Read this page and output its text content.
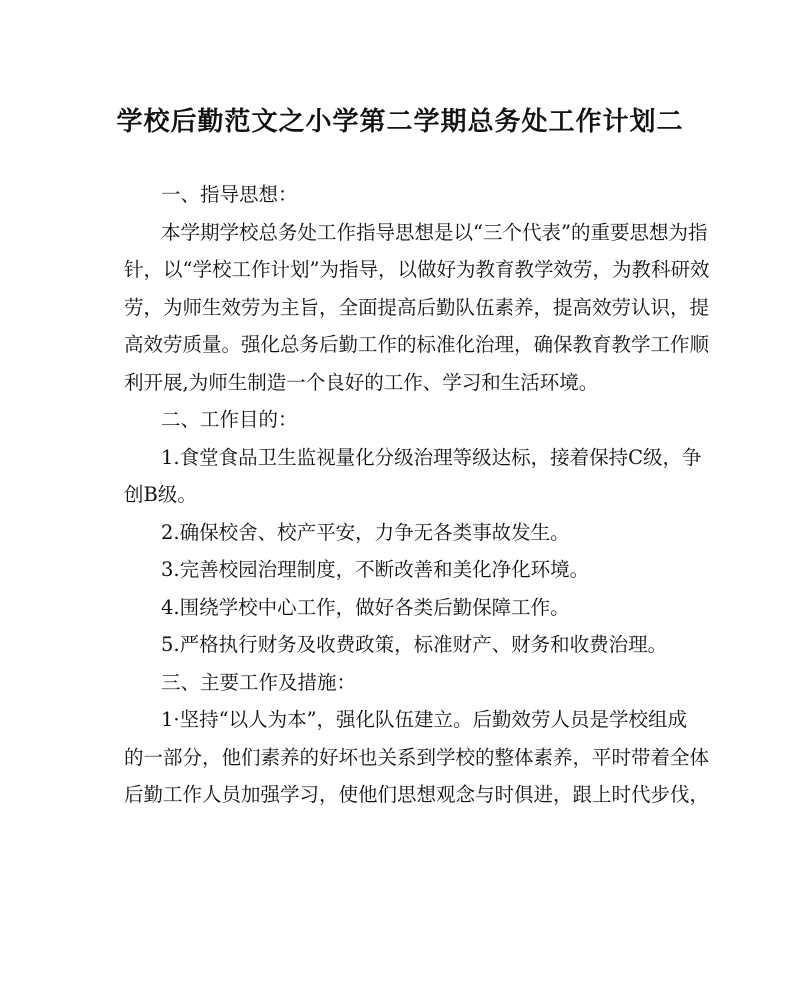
学校后勤范文之小学第二学期总务处工作计划二
一、指导思想：
本学期学校总务处工作指导思想是以“三个代表”的重要思想为指
针，以“学校工作计划”为指导，以做好为教育教学效劳，为教科研效
劳，为师生效劳为主旨，全面提高后勤队伍素养，提高效劳认识，提
高效劳质量。强化总务后勤工作的标准化治理，确保教育教学工作顺
利开展,为师生制造一个良好的工作、学习和生活环境。
二、工作目的：
1.食堂食品卫生监视量化分级治理等级达标，接着保持C级，争
创B级。
2.确保校舍、校产平安，力争无各类事故发生。
3.完善校园治理制度，不断改善和美化净化环境。
4.围绕学校中心工作，做好各类后勤保障工作。
5.严格执行财务及收费政策，标准财产、财务和收费治理。
三、主要工作及措施：
1·坚持“以人为本”，强化队伍建立。后勤效劳人员是学校组成
的一部分，他们素养的好坏也关系到学校的整体素养，平时带着全体
后勤工作人员加强学习，使他们思想观念与时俱进，跟上时代步伐，
